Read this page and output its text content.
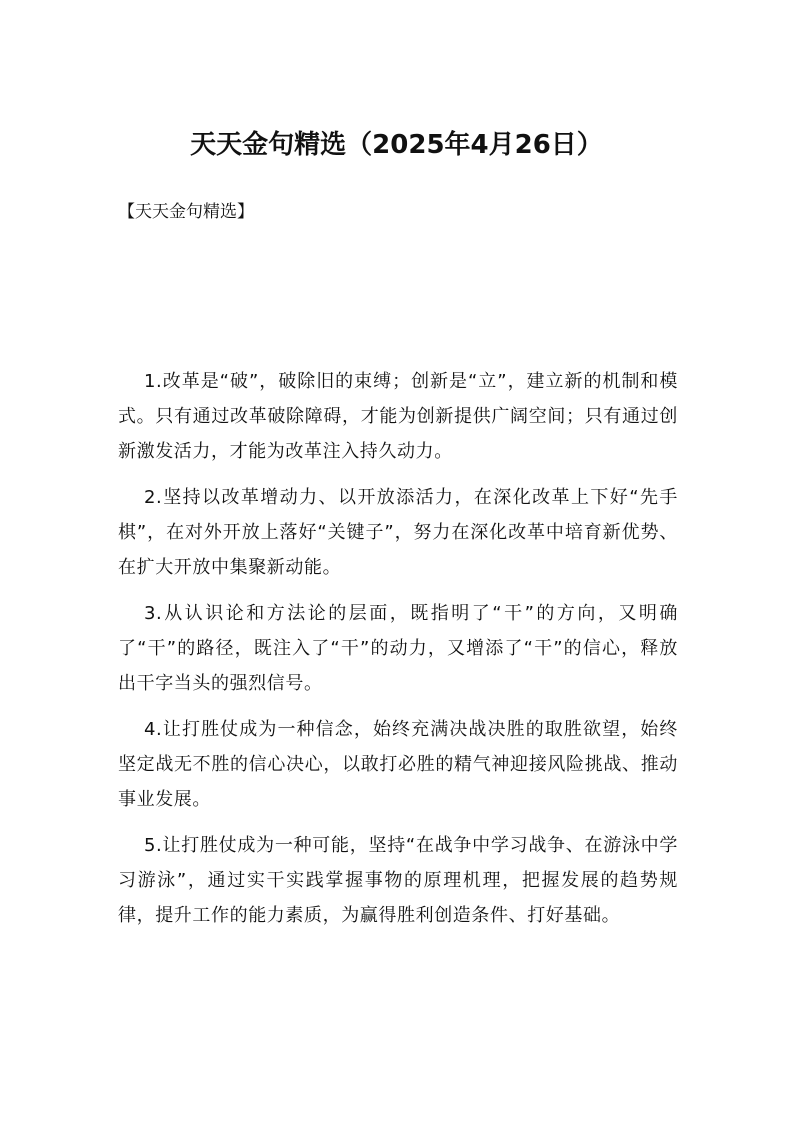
天天金句精选（2025年4月26日）
【天天金句精选】

1.改革是“破”，破除旧的束缚；创新是“立”，建立新的机制和模式。只有通过改革破除障碍，才能为创新提供广阔空间；只有通过创新激发活力，才能为改革注入持久动力。

2.坚持以改革增动力、以开放添活力，在深化改革上下好“先手棋”，在对外开放上落好“关键子”，努力在深化改革中培育新优势、在扩大开放中集聚新动能。

3.从认识论和方法论的层面，既指明了“干”的方向，又明确了“干”的路径，既注入了“干”的动力，又增添了“干”的信心，释放出干字当头的强烈信号。

4.让打胜仗成为一种信念，始终充满决战决胜的取胜欲望，始终坚定战无不胜的信心决心，以敢打必胜的精气神迎接风险挑战、推动事业发展。

5.让打胜仗成为一种可能，坚持“在战争中学习战争、在游泳中学习游泳”，通过实干实践掌握事物的原理机理，把握发展的趋势规律，提升工作的能力素质，为赢得胜利创造条件、打好基础。
